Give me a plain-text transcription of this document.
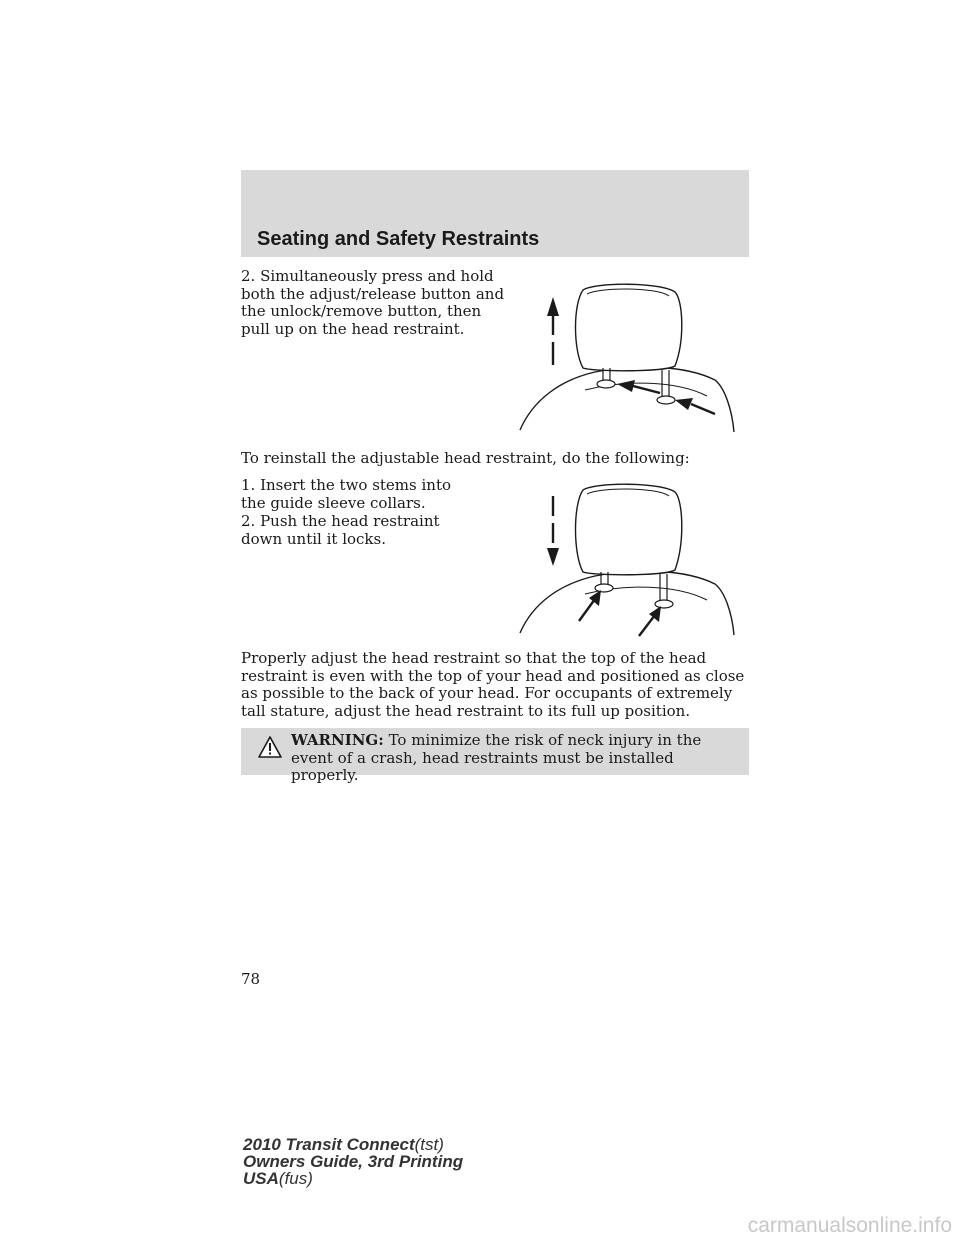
Seating and Safety Restraints

2. Simultaneously press and hold both the adjust/release button and the unlock/remove button, then pull up on the head restraint.

To reinstall the adjustable head restraint, do the following:

1. Insert the two stems into the guide sleeve collars.

2. Push the head restraint down until it locks.

Properly adjust the head restraint so that the top of the head restraint is even with the top of your head and positioned as close as possible to the back of your head. For occupants of extremely tall stature, adjust the head restraint to its full up position.

WARNING: To minimize the risk of neck injury in the event of a crash, head restraints must be installed properly.

78
2010 Transit Connect(tst)
Owners Guide, 3rd Printing
USA(fus)
carmanualsonline.info
